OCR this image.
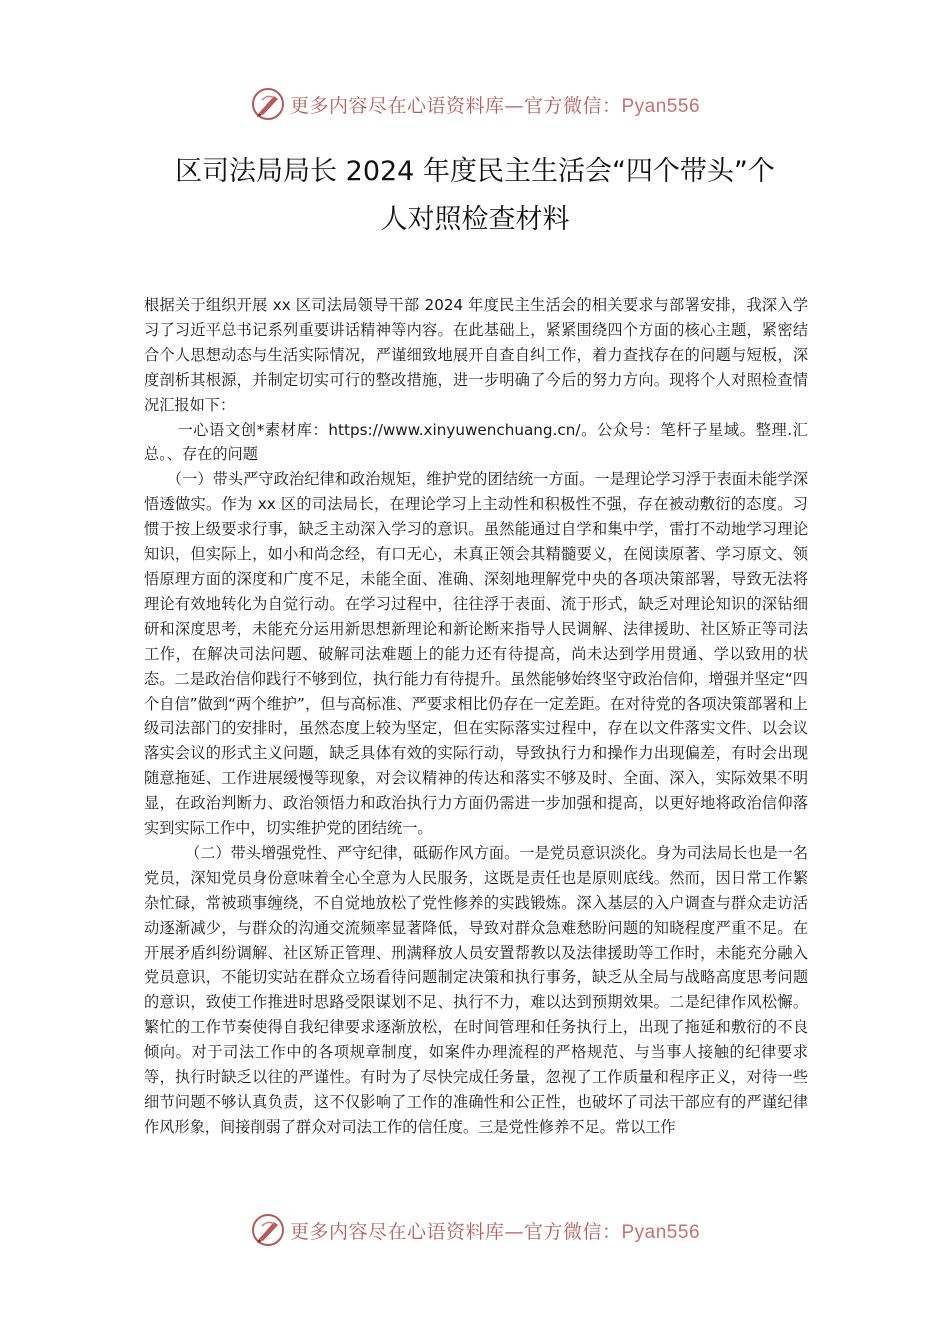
更多内容尽在心语资料库—官方微信：Pyan556
区司法局局长 2024 年度民主生活会“四个带头”个
人对照检查材料

根据关于组织开展 xx 区司法局领导干部 2024 年度民主生活会的相关要求与部署安排，我深入学习了习近平总书记系列重要讲话精神等内容。在此基础上，紧紧围绕四个方面的核心主题，紧密结合个人思想动态与生活实际情况，严谨细致地展开自查自纠工作，着力查找存在的问题与短板，深度剖析其根源，并制定切实可行的整改措施，进一步明确了今后的努力方向。现将个人对照检查情况汇报如下：

一心语文创*素材库：https://www.xinyuwenchuang.cn/。公众号：笔杆子星域。整理.汇总。、存在的问题

（一）带头严守政治纪律和政治规矩，维护党的团结统一方面。一是理论学习浮于表面未能学深悟透做实。作为 xx 区的司法局长，在理论学习上主动性和积极性不强，存在被动敷衍的态度。习惯于按上级要求行事，缺乏主动深入学习的意识。虽然能通过自学和集中学，雷打不动地学习理论知识，但实际上，如小和尚念经，有口无心，未真正领会其精髓要义，在阅读原著、学习原文、领悟原理方面的深度和广度不足，未能全面、准确、深刻地理解党中央的各项决策部署，导致无法将理论有效地转化为自觉行动。在学习过程中，往往浮于表面、流于形式，缺乏对理论知识的深钻细研和深度思考，未能充分运用新思想新理论和新论断来指导人民调解、法律援助、社区矫正等司法工作，在解决司法问题、破解司法难题上的能力还有待提高，尚未达到学用贯通、学以致用的状态。二是政治信仰践行不够到位，执行能力有待提升。虽然能够始终坚守政治信仰，增强并坚定“四个自信”做到“两个维护”，但与高标准、严要求相比仍存在一定差距。在对待党的各项决策部署和上级司法部门的安排时，虽然态度上较为坚定，但在实际落实过程中，存在以文件落实文件、以会议落实会议的形式主义问题，缺乏具体有效的实际行动，导致执行力和操作力出现偏差，有时会出现随意拖延、工作进展缓慢等现象，对会议精神的传达和落实不够及时、全面、深入，实际效果不明显，在政治判断力、政治领悟力和政治执行力方面仍需进一步加强和提高，以更好地将政治信仰落实到实际工作中，切实维护党的团结统一。

（二）带头增强党性、严守纪律，砥砺作风方面。一是党员意识淡化。身为司法局长也是一名党员，深知党员身份意味着全心全意为人民服务，这既是责任也是原则底线。然而，因日常工作繁杂忙碌，常被琐事缠绕，不自觉地放松了党性修养的实践锻炼。深入基层的入户调查与群众走访活动逐渐减少，与群众的沟通交流频率显著降低，导致对群众急难愁盼问题的知晓程度严重不足。在开展矛盾纠纷调解、社区矫正管理、刑满释放人员安置帮教以及法律援助等工作时，未能充分融入党员意识，不能切实站在群众立场看待问题制定决策和执行事务，缺乏从全局与战略高度思考问题的意识，致使工作推进时思路受限谋划不足、执行不力，难以达到预期效果。二是纪律作风松懈。繁忙的工作节奏使得自我纪律要求逐渐放松，在时间管理和任务执行上，出现了拖延和敷衍的不良倾向。对于司法工作中的各项规章制度，如案件办理流程的严格规范、与当事人接触的纪律要求等，执行时缺乏以往的严谨性。有时为了尽快完成任务量，忽视了工作质量和程序正义，对待一些细节问题不够认真负责，这不仅影响了工作的准确性和公正性，也破坏了司法干部应有的严谨纪律作风形象，间接削弱了群众对司法工作的信任度。三是党性修养不足。常以工作

更多内容尽在心语资料库—官方微信：Pyan556
